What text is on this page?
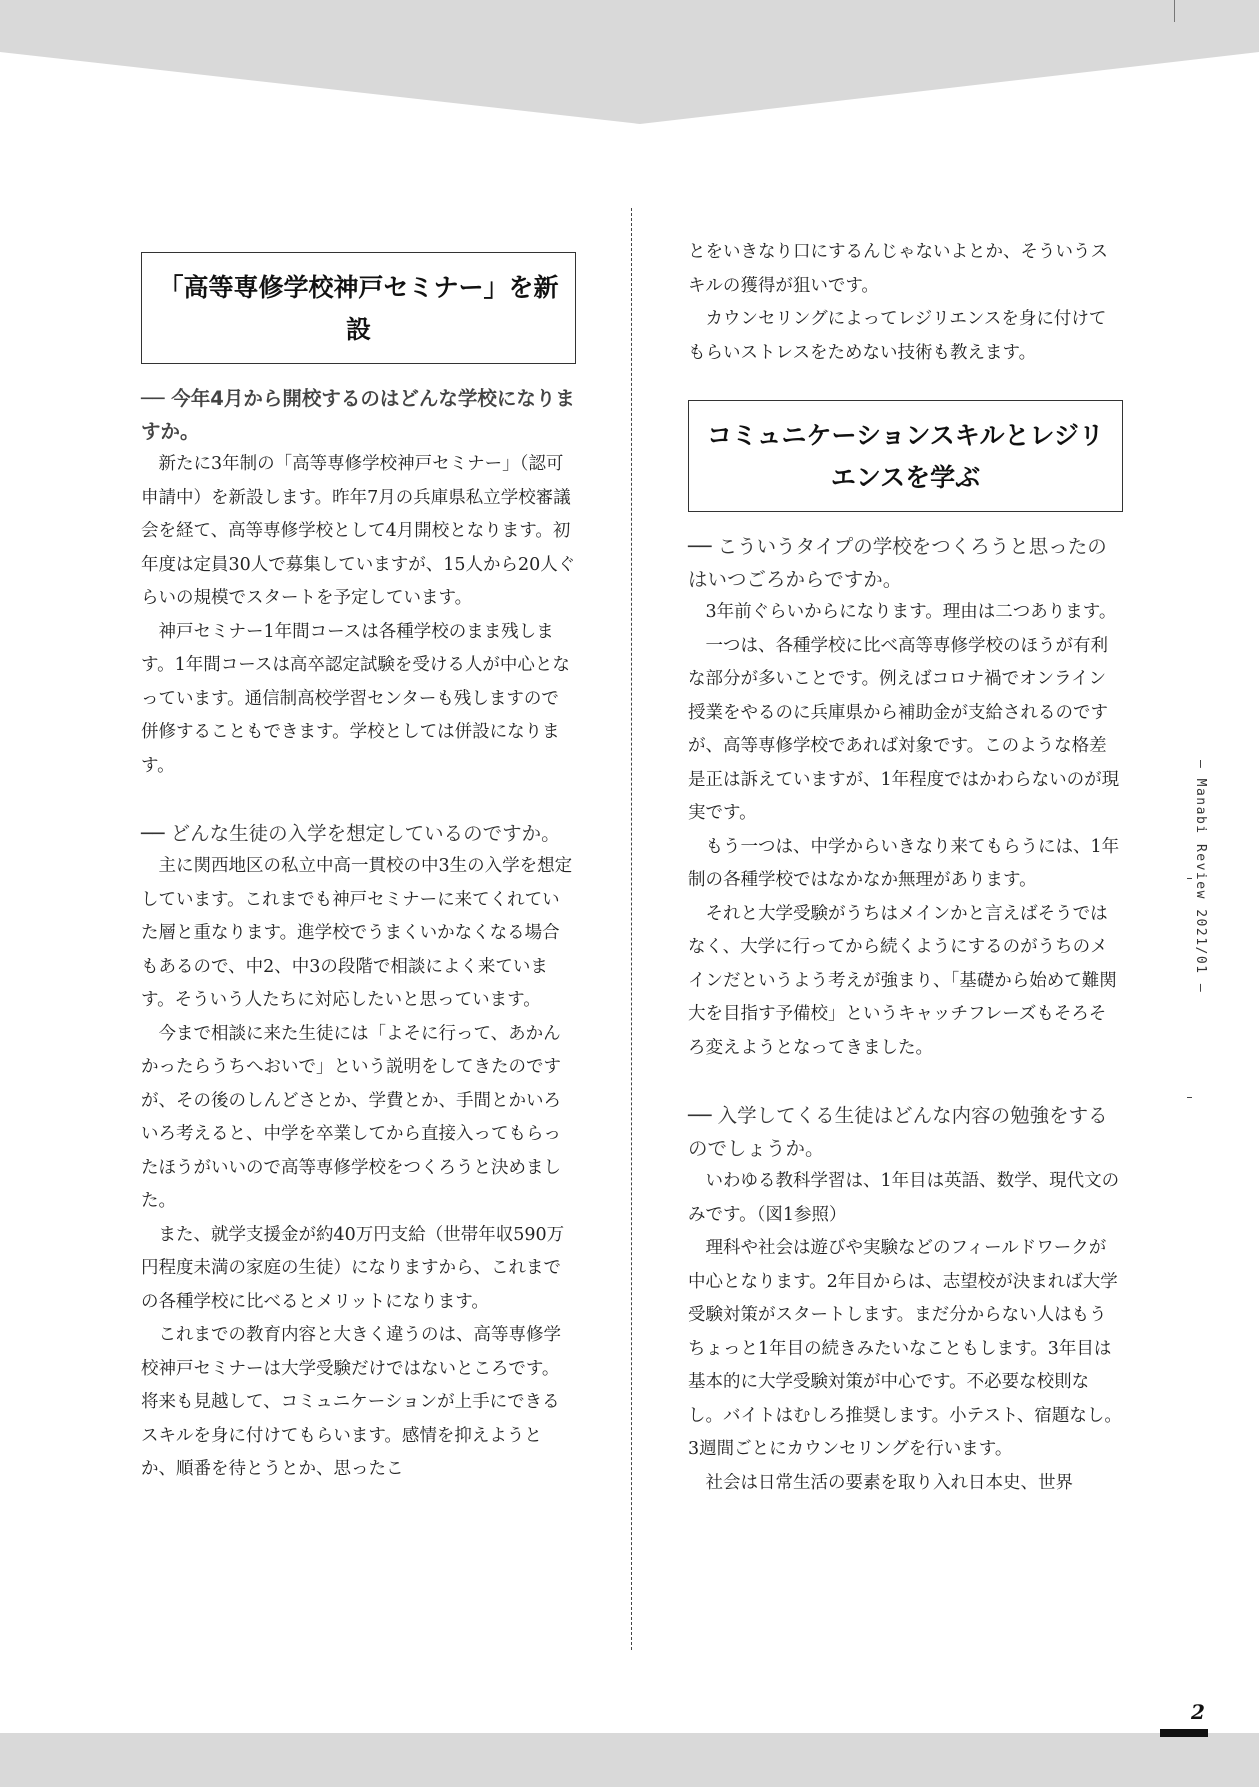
「高等専修学校神戸セミナー」を新設

── 今年4月から開校するのはどんな学校になりますか。

新たに3年制の「高等専修学校神戸セミナー」（認可申請中）を新設します。昨年7月の兵庫県私立学校審議会を経て、高等専修学校として4月開校となります。初年度は定員30人で募集していますが、15人から20人ぐらいの規模でスタートを予定しています。

神戸セミナー1年間コースは各種学校のまま残します。1年間コースは高卒認定試験を受ける人が中心となっています。通信制高校学習センターも残しますので併修することもできます。学校としては併設になります。

── どんな生徒の入学を想定しているのですか。

主に関西地区の私立中高一貫校の中3生の入学を想定しています。これまでも神戸セミナーに来てくれていた層と重なります。進学校でうまくいかなくなる場合もあるので、中2、中3の段階で相談によく来ています。そういう人たちに対応したいと思っています。

今まで相談に来た生徒には「よそに行って、あかんかったらうちへおいで」という説明をしてきたのですが、その後のしんどさとか、学費とか、手間とかいろいろ考えると、中学を卒業してから直接入ってもらったほうがいいので高等専修学校をつくろうと決めました。

また、就学支援金が約40万円支給（世帯年収590万円程度未満の家庭の生徒）になりますから、これまでの各種学校に比べるとメリットになります。

これまでの教育内容と大きく違うのは、高等専修学校神戸セミナーは大学受験だけではないところです。将来も見越して、コミュニケーションが上手にできるスキルを身に付けてもらいます。感情を抑えようとか、順番を待とうとか、思ったこ

とをいきなり口にするんじゃないよとか、そういうスキルの獲得が狙いです。

カウンセリングによってレジリエンスを身に付けてもらいストレスをためない技術も教えます。

コミュニケーションスキルとレジリエンスを学ぶ

── こういうタイプの学校をつくろうと思ったのはいつごろからですか。

3年前ぐらいからになります。理由は二つあります。

一つは、各種学校に比べ高等専修学校のほうが有利な部分が多いことです。例えばコロナ禍でオンライン授業をやるのに兵庫県から補助金が支給されるのですが、高等専修学校であれば対象です。このような格差是正は訴えていますが、1年程度ではかわらないのが現実です。

もう一つは、中学からいきなり来てもらうには、1年制の各種学校ではなかなか無理があります。

それと大学受験がうちはメインかと言えばそうではなく、大学に行ってから続くようにするのがうちのメインだというよう考えが強まり、「基礎から始めて難関大を目指す予備校」というキャッチフレーズもそろそろ変えようとなってきました。

── 入学してくる生徒はどんな内容の勉強をするのでしょうか。

いわゆる教科学習は、1年目は英語、数学、現代文のみです。（図1参照）

理科や社会は遊びや実験などのフィールドワークが中心となります。2年目からは、志望校が決まれば大学受験対策がスタートします。まだ分からない人はもうちょっと1年目の続きみたいなこともします。3年目は基本的に大学受験対策が中心です。不必要な校則なし。バイトはむしろ推奨します。小テスト、宿題なし。3週間ごとにカウンセリングを行います。

社会は日常生活の要素を取り入れ日本史、世界

– Manabi Review 2021/01 –
2
